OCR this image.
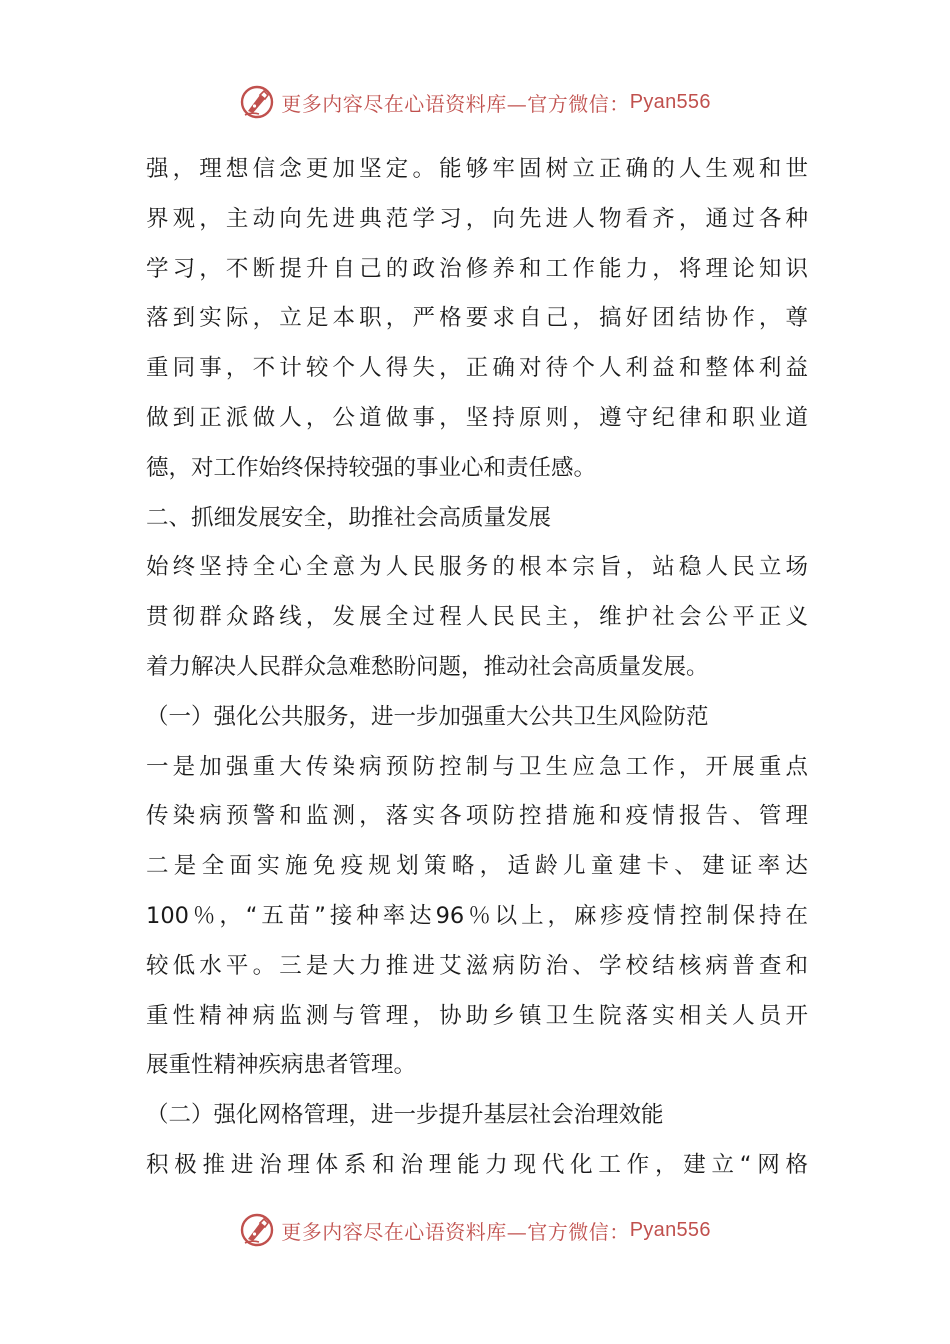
更多内容尽在心语资料库—官方微信： Pyan556
强，理想信念更加坚定。能够牢固树立正确的人生观和世
界观，主动向先进典范学习，向先进人物看齐，通过各种
学习，不断提升自己的政治修养和工作能力，将理论知识
落到实际，立足本职，严格要求自己，搞好团结协作，尊
重同事，不计较个人得失，正确对待个人利益和整体利益
做到正派做人，公道做事，坚持原则，遵守纪律和职业道
德，对工作始终保持较强的事业心和责任感。
二、抓细发展安全，助推社会高质量发展
始终坚持全心全意为人民服务的根本宗旨，站稳人民立场
贯彻群众路线，发展全过程人民民主，维护社会公平正义
着力解决人民群众急难愁盼问题，推动社会高质量发展。
（一）强化公共服务，进一步加强重大公共卫生风险防范
一是加强重大传染病预防控制与卫生应急工作，开展重点
传染病预警和监测，落实各项防控措施和疫情报告、管理
二是全面实施免疫规划策略，适龄儿童建卡、建证率达
100％，“五苗”接种率达96％以上，麻疹疫情控制保持在
较低水平。三是大力推进艾滋病防治、学校结核病普查和
重性精神病监测与管理，协助乡镇卫生院落实相关人员开
展重性精神疾病患者管理。
（二）强化网格管理，进一步提升基层社会治理效能
积极推进治理体系和治理能力现代化工作，建立“网格
更多内容尽在心语资料库—官方微信： Pyan556
